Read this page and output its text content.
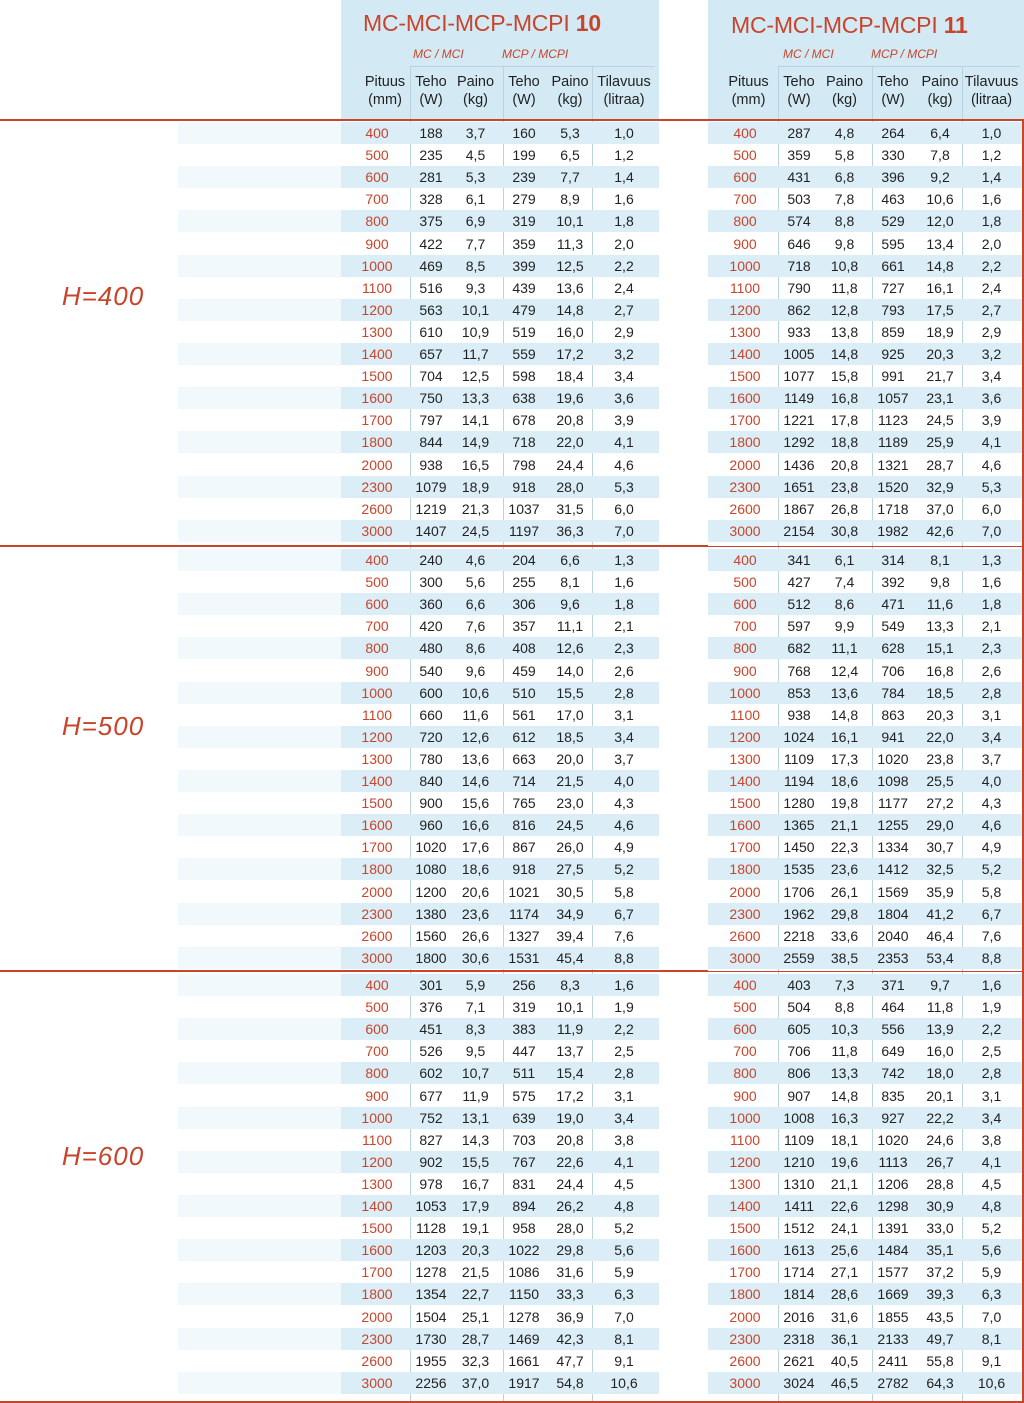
MC-MCI-MCP-MCPI 10	MC-MCI-MCP-MCPI 11
MC / MCI	MCP / MCPI	MC / MCI	MCP / MCPI
Pituus
(mm)
Teho
(W)
Paino
(kg)
Teho
(W)
Paino
(kg)
Tilavuus
(litraa)
Pituus
(mm)
Teho
(W)
Paino
(kg)
Teho
(W)
Paino
(kg)
Tilavuus
(litraa)
H=400
H=500
H=600
400	188	3,7	160	5,3	1,0	400	287	4,8	264	6,4	1,0
500	235	4,5	199	6,5	1,2	500	359	5,8	330	7,8	1,2
600	281	5,3	239	7,7	1,4	600	431	6,8	396	9,2	1,4
700	328	6,1	279	8,9	1,6	700	503	7,8	463	10,6	1,6
800	375	6,9	319	10,1	1,8	800	574	8,8	529	12,0	1,8
900	422	7,7	359	11,3	2,0	900	646	9,8	595	13,4	2,0
1000	469	8,5	399	12,5	2,2	1000	718	10,8	661	14,8	2,2
1100	516	9,3	439	13,6	2,4	1100	790	11,8	727	16,1	2,4
1200	563	10,1	479	14,8	2,7	1200	862	12,8	793	17,5	2,7
1300	610	10,9	519	16,0	2,9	1300	933	13,8	859	18,9	2,9
1400	657	11,7	559	17,2	3,2	1400	1005	14,8	925	20,3	3,2
1500	704	12,5	598	18,4	3,4	1500	1077	15,8	991	21,7	3,4
1600	750	13,3	638	19,6	3,6	1600	1149	16,8	1057	23,1	3,6
1700	797	14,1	678	20,8	3,9	1700	1221	17,8	1123	24,5	3,9
1800	844	14,9	718	22,0	4,1	1800	1292	18,8	1189	25,9	4,1
2000	938	16,5	798	24,4	4,6	2000	1436	20,8	1321	28,7	4,6
2300	1079	18,9	918	28,0	5,3	2300	1651	23,8	1520	32,9	5,3
2600	1219	21,3	1037	31,5	6,0	2600	1867	26,8	1718	37,0	6,0
3000	1407	24,5	1197	36,3	7,0	3000	2154	30,8	1982	42,6	7,0
400	240	4,6	204	6,6	1,3	400	341	6,1	314	8,1	1,3
500	300	5,6	255	8,1	1,6	500	427	7,4	392	9,8	1,6
600	360	6,6	306	9,6	1,8	600	512	8,6	471	11,6	1,8
700	420	7,6	357	11,1	2,1	700	597	9,9	549	13,3	2,1
800	480	8,6	408	12,6	2,3	800	682	11,1	628	15,1	2,3
900	540	9,6	459	14,0	2,6	900	768	12,4	706	16,8	2,6
1000	600	10,6	510	15,5	2,8	1000	853	13,6	784	18,5	2,8
1100	660	11,6	561	17,0	3,1	1100	938	14,8	863	20,3	3,1
1200	720	12,6	612	18,5	3,4	1200	1024	16,1	941	22,0	3,4
1300	780	13,6	663	20,0	3,7	1300	1109	17,3	1020	23,8	3,7
1400	840	14,6	714	21,5	4,0	1400	1194	18,6	1098	25,5	4,0
1500	900	15,6	765	23,0	4,3	1500	1280	19,8	1177	27,2	4,3
1600	960	16,6	816	24,5	4,6	1600	1365	21,1	1255	29,0	4,6
1700	1020	17,6	867	26,0	4,9	1700	1450	22,3	1334	30,7	4,9
1800	1080	18,6	918	27,5	5,2	1800	1535	23,6	1412	32,5	5,2
2000	1200	20,6	1021	30,5	5,8	2000	1706	26,1	1569	35,9	5,8
2300	1380	23,6	1174	34,9	6,7	2300	1962	29,8	1804	41,2	6,7
2600	1560	26,6	1327	39,4	7,6	2600	2218	33,6	2040	46,4	7,6
3000	1800	30,6	1531	45,4	8,8	3000	2559	38,5	2353	53,4	8,8
400	301	5,9	256	8,3	1,6	400	403	7,3	371	9,7	1,6
500	376	7,1	319	10,1	1,9	500	504	8,8	464	11,8	1,9
600	451	8,3	383	11,9	2,2	600	605	10,3	556	13,9	2,2
700	526	9,5	447	13,7	2,5	700	706	11,8	649	16,0	2,5
800	602	10,7	511	15,4	2,8	800	806	13,3	742	18,0	2,8
900	677	11,9	575	17,2	3,1	900	907	14,8	835	20,1	3,1
1000	752	13,1	639	19,0	3,4	1000	1008	16,3	927	22,2	3,4
1100	827	14,3	703	20,8	3,8	1100	1109	18,1	1020	24,6	3,8
1200	902	15,5	767	22,6	4,1	1200	1210	19,6	1113	26,7	4,1
1300	978	16,7	831	24,4	4,5	1300	1310	21,1	1206	28,8	4,5
1400	1053	17,9	894	26,2	4,8	1400	1411	22,6	1298	30,9	4,8
1500	1128	19,1	958	28,0	5,2	1500	1512	24,1	1391	33,0	5,2
1600	1203	20,3	1022	29,8	5,6	1600	1613	25,6	1484	35,1	5,6
1700	1278	21,5	1086	31,6	5,9	1700	1714	27,1	1577	37,2	5,9
1800	1354	22,7	1150	33,3	6,3	1800	1814	28,6	1669	39,3	6,3
2000	1504	25,1	1278	36,9	7,0	2000	2016	31,6	1855	43,5	7,0
2300	1730	28,7	1469	42,3	8,1	2300	2318	36,1	2133	49,7	8,1
2600	1955	32,3	1661	47,7	9,1	2600	2621	40,5	2411	55,8	9,1
3000	2256	37,0	1917	54,8	10,6	3000	3024	46,5	2782	64,3	10,6
